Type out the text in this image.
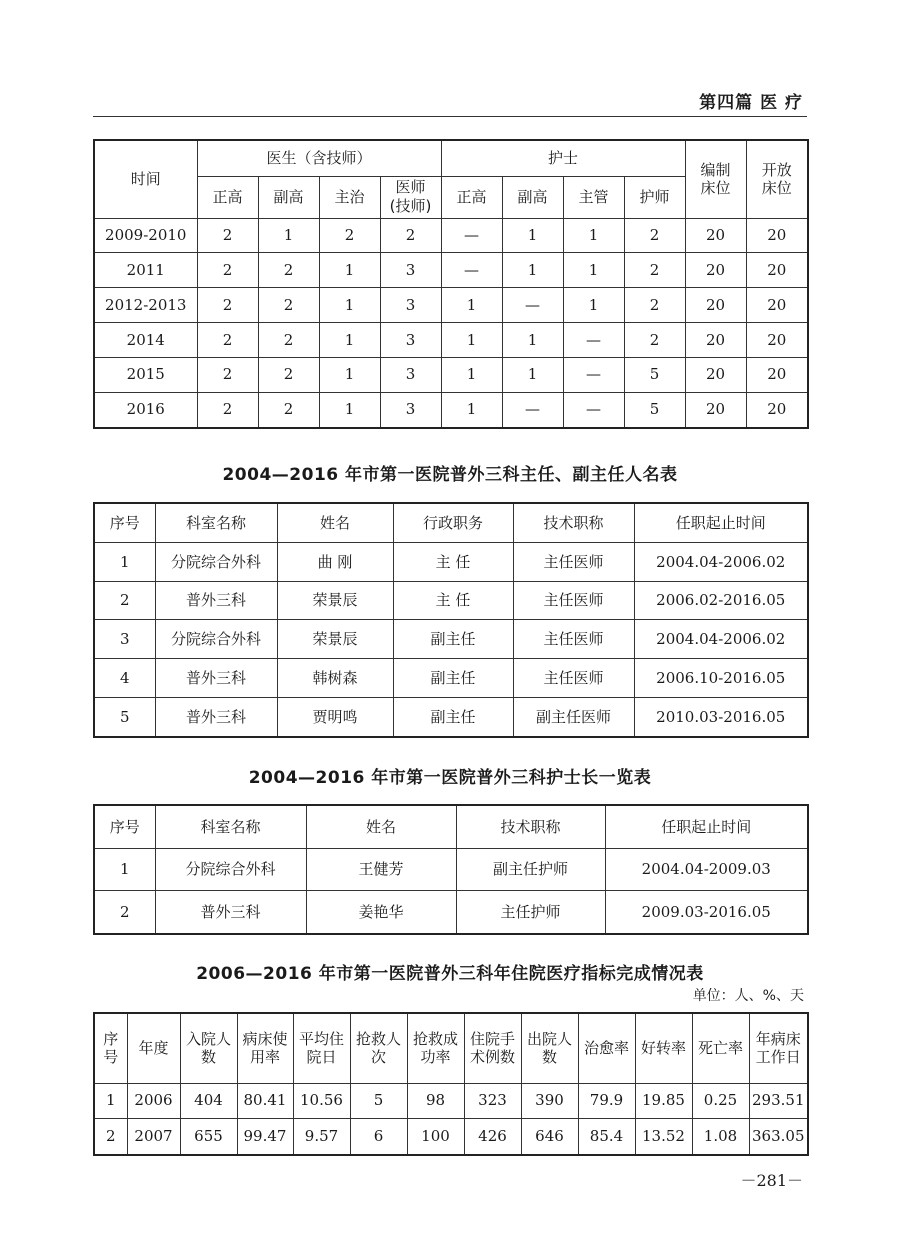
第四篇 医 疗
时间	医生（含技师）				护士				编制床位	开放床位
	正高	副高	主治	医师(技师)	正高	副高	主管	护师		
2009-2010	2	1	2	2	—	1	1	2	20	20
2011	2	2	1	3	—	1	1	2	20	20
2012-2013	2	2	1	3	1	—	1	2	20	20
2014	2	2	1	3	1	1	—	2	20	20
2015	2	2	1	3	1	1	—	5	20	20
2016	2	2	1	3	1	—	—	5	20	20
2004—2016 年市第一医院普外三科主任、副主任人名表
序号	科室名称	姓名	行政职务	技术职称	任职起止时间
1	分院综合外科	曲 刚	主 任	主任医师	2004.04-2006.02
2	普外三科	荣景辰	主 任	主任医师	2006.02-2016.05
3	分院综合外科	荣景辰	副主任	主任医师	2004.04-2006.02
4	普外三科	韩树森	副主任	主任医师	2006.10-2016.05
5	普外三科	贾明鸣	副主任	副主任医师	2010.03-2016.05
2004—2016 年市第一医院普外三科护士长一览表
序号	科室名称	姓名	技术职称	任职起止时间
1	分院综合外科	王健芳	副主任护师	2004.04-2009.03
2	普外三科	姜艳华	主任护师	2009.03-2016.05
2006—2016 年市第一医院普外三科年住院医疗指标完成情况表
单位：人、%、天
序号	年度	入院人数	病床使用率	平均住院日	抢救人次	抢救成功率	住院手术例数	出院人数	治愈率	好转率	死亡率	年病床工作日
1	2006	404	80.41	10.56	5	98	323	390	79.9	19.85	0.25	293.51
2	2007	655	99.47	9.57	6	100	426	646	85.4	13.52	1.08	363.05
－281－
